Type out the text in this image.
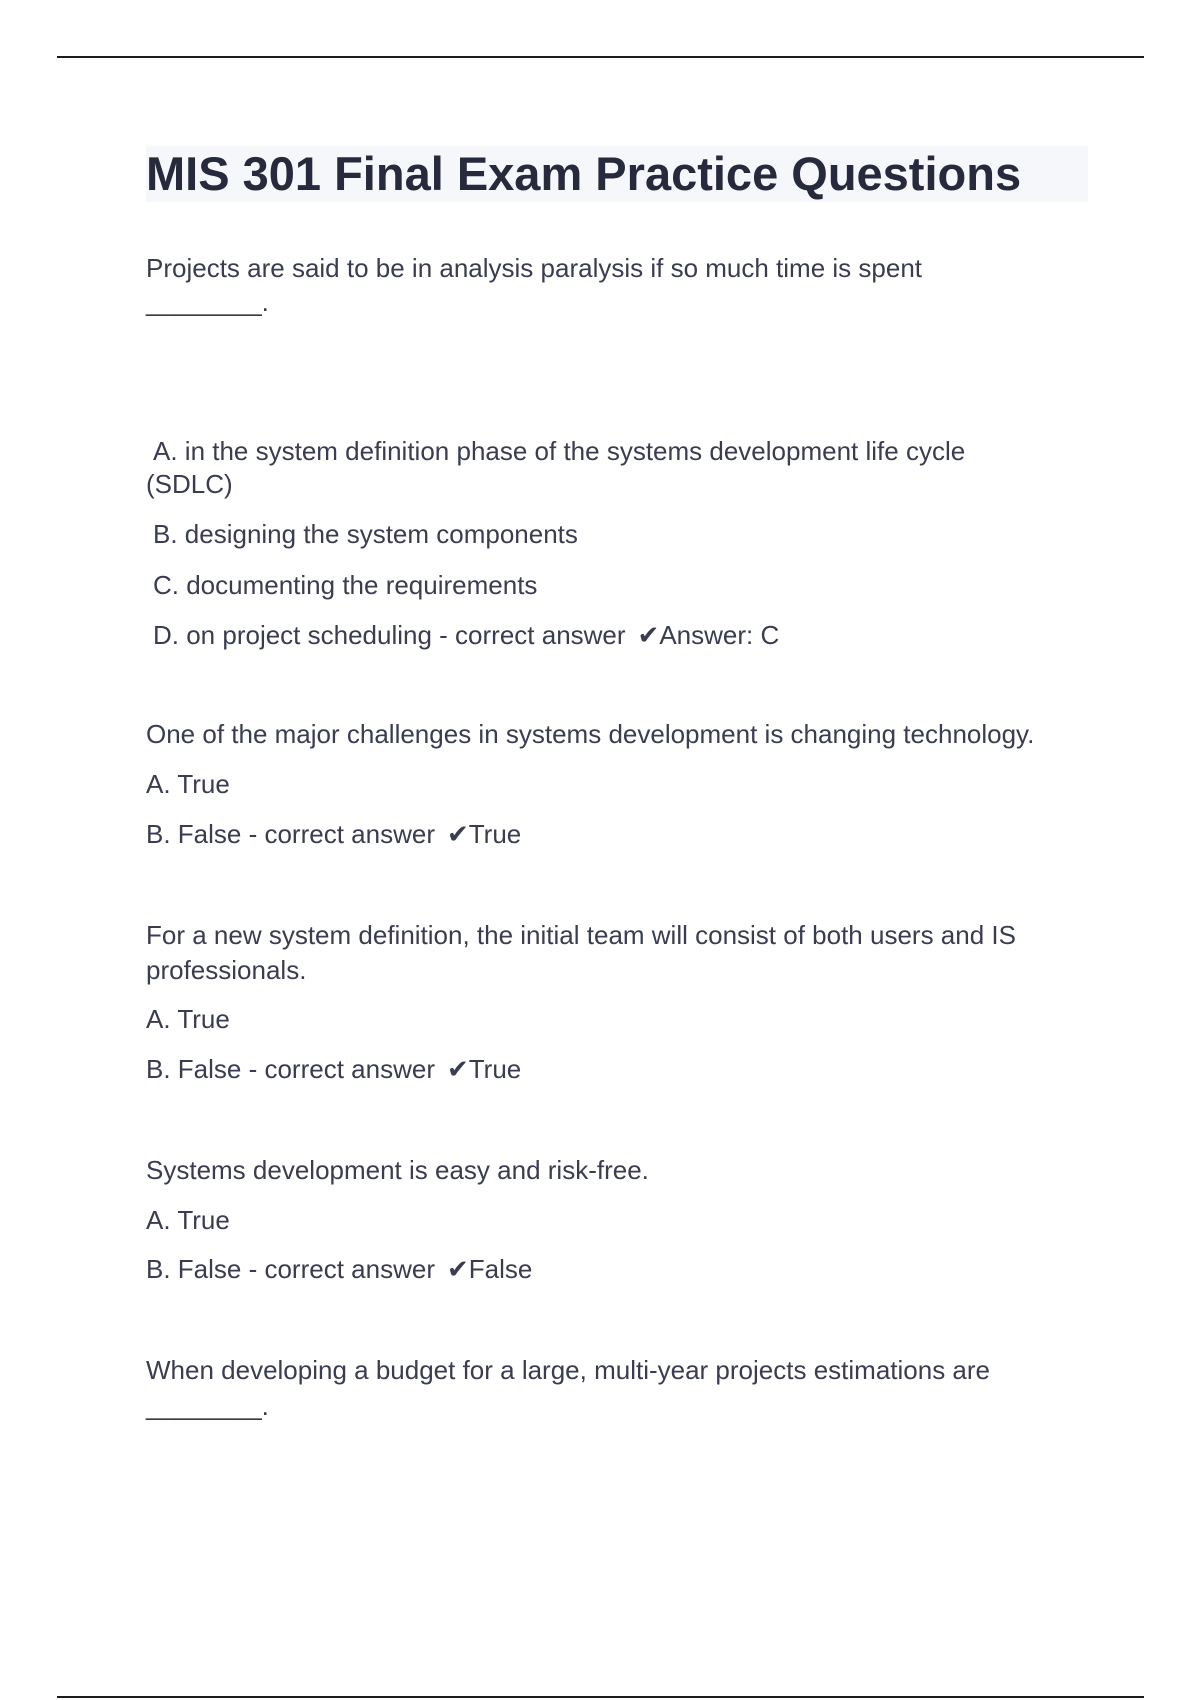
MIS 301 Final Exam Practice Questions
Projects are said to be in analysis paralysis if so much time is spent
________.
A. in the system definition phase of the systems development life cycle
(SDLC)
B. designing the system components
C. documenting the requirements
D. on project scheduling - correct answer ✔Answer: C
One of the major challenges in systems development is changing technology.
A. True
B. False - correct answer ✔True
For a new system definition, the initial team will consist of both users and IS
professionals.
A. True
B. False - correct answer ✔True
Systems development is easy and risk-free.
A. True
B. False - correct answer ✔False
When developing a budget for a large, multi-year projects estimations are
________.
